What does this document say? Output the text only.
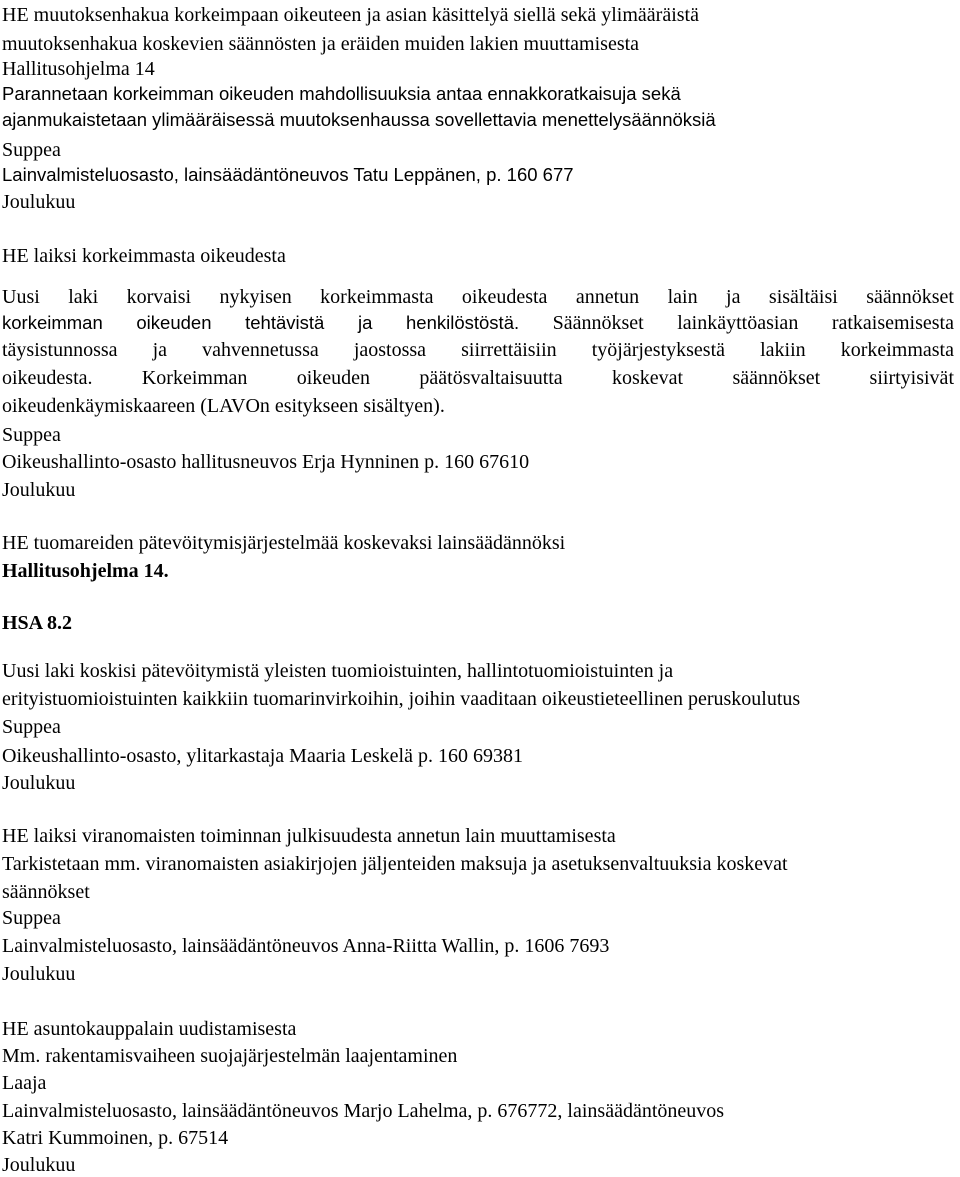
HE muutoksenhakua korkeimpaan oikeuteen ja asian käsittelyä siellä sekä ylimääräistä

muutoksenhakua koskevien säännösten ja eräiden muiden lakien muuttamisesta

Hallitusohjelma 14

Parannetaan korkeimman oikeuden mahdollisuuksia antaa ennakkoratkaisuja sekä

ajanmukaistetaan ylimääräisessä muutoksenhaussa sovellettavia menettelysäännöksiä

Suppea

Lainvalmisteluosasto, lainsäädäntöneuvos Tatu Leppänen, p. 160 677

Joulukuu

HE laiksi korkeimmasta oikeudesta

Uusi laki korvaisi nykyisen korkeimmasta oikeudesta annetun lain ja sisältäisi säännökset

korkeimman oikeuden tehtävistä ja henkilöstöstä. Säännökset lainkäyttöasian ratkaisemisesta

täysistunnossa ja vahvennetussa jaostossa siirrettäisiin työjärjestyksestä lakiin korkeimmasta

oikeudesta. Korkeimman oikeuden päätösvaltaisuutta koskevat säännökset siirtyisivät

oikeudenkäymiskaareen (LAVOn esitykseen sisältyen).

Suppea

Oikeushallinto-osasto hallitusneuvos Erja Hynninen p. 160 67610

Joulukuu

HE tuomareiden pätevöitymisjärjestelmää koskevaksi lainsäädännöksi

Hallitusohjelma 14.

HSA 8.2

Uusi laki koskisi pätevöitymistä yleisten tuomioistuinten, hallintotuomioistuinten ja

erityistuomioistuinten kaikkiin tuomarinvirkoihin, joihin vaaditaan oikeustieteellinen peruskoulutus

Suppea

Oikeushallinto-osasto, ylitarkastaja Maaria Leskelä p. 160 69381

Joulukuu

HE laiksi viranomaisten toiminnan julkisuudesta annetun lain muuttamisesta

Tarkistetaan mm. viranomaisten asiakirjojen jäljenteiden maksuja ja asetuksenvaltuuksia koskevat

säännökset

Suppea

Lainvalmisteluosasto, lainsäädäntöneuvos Anna-Riitta Wallin, p. 1606 7693

Joulukuu

HE asuntokauppalain uudistamisesta

Mm. rakentamisvaiheen suojajärjestelmän laajentaminen

Laaja

Lainvalmisteluosasto, lainsäädäntöneuvos Marjo Lahelma, p. 676772, lainsäädäntöneuvos

Katri Kummoinen, p. 67514

Joulukuu
